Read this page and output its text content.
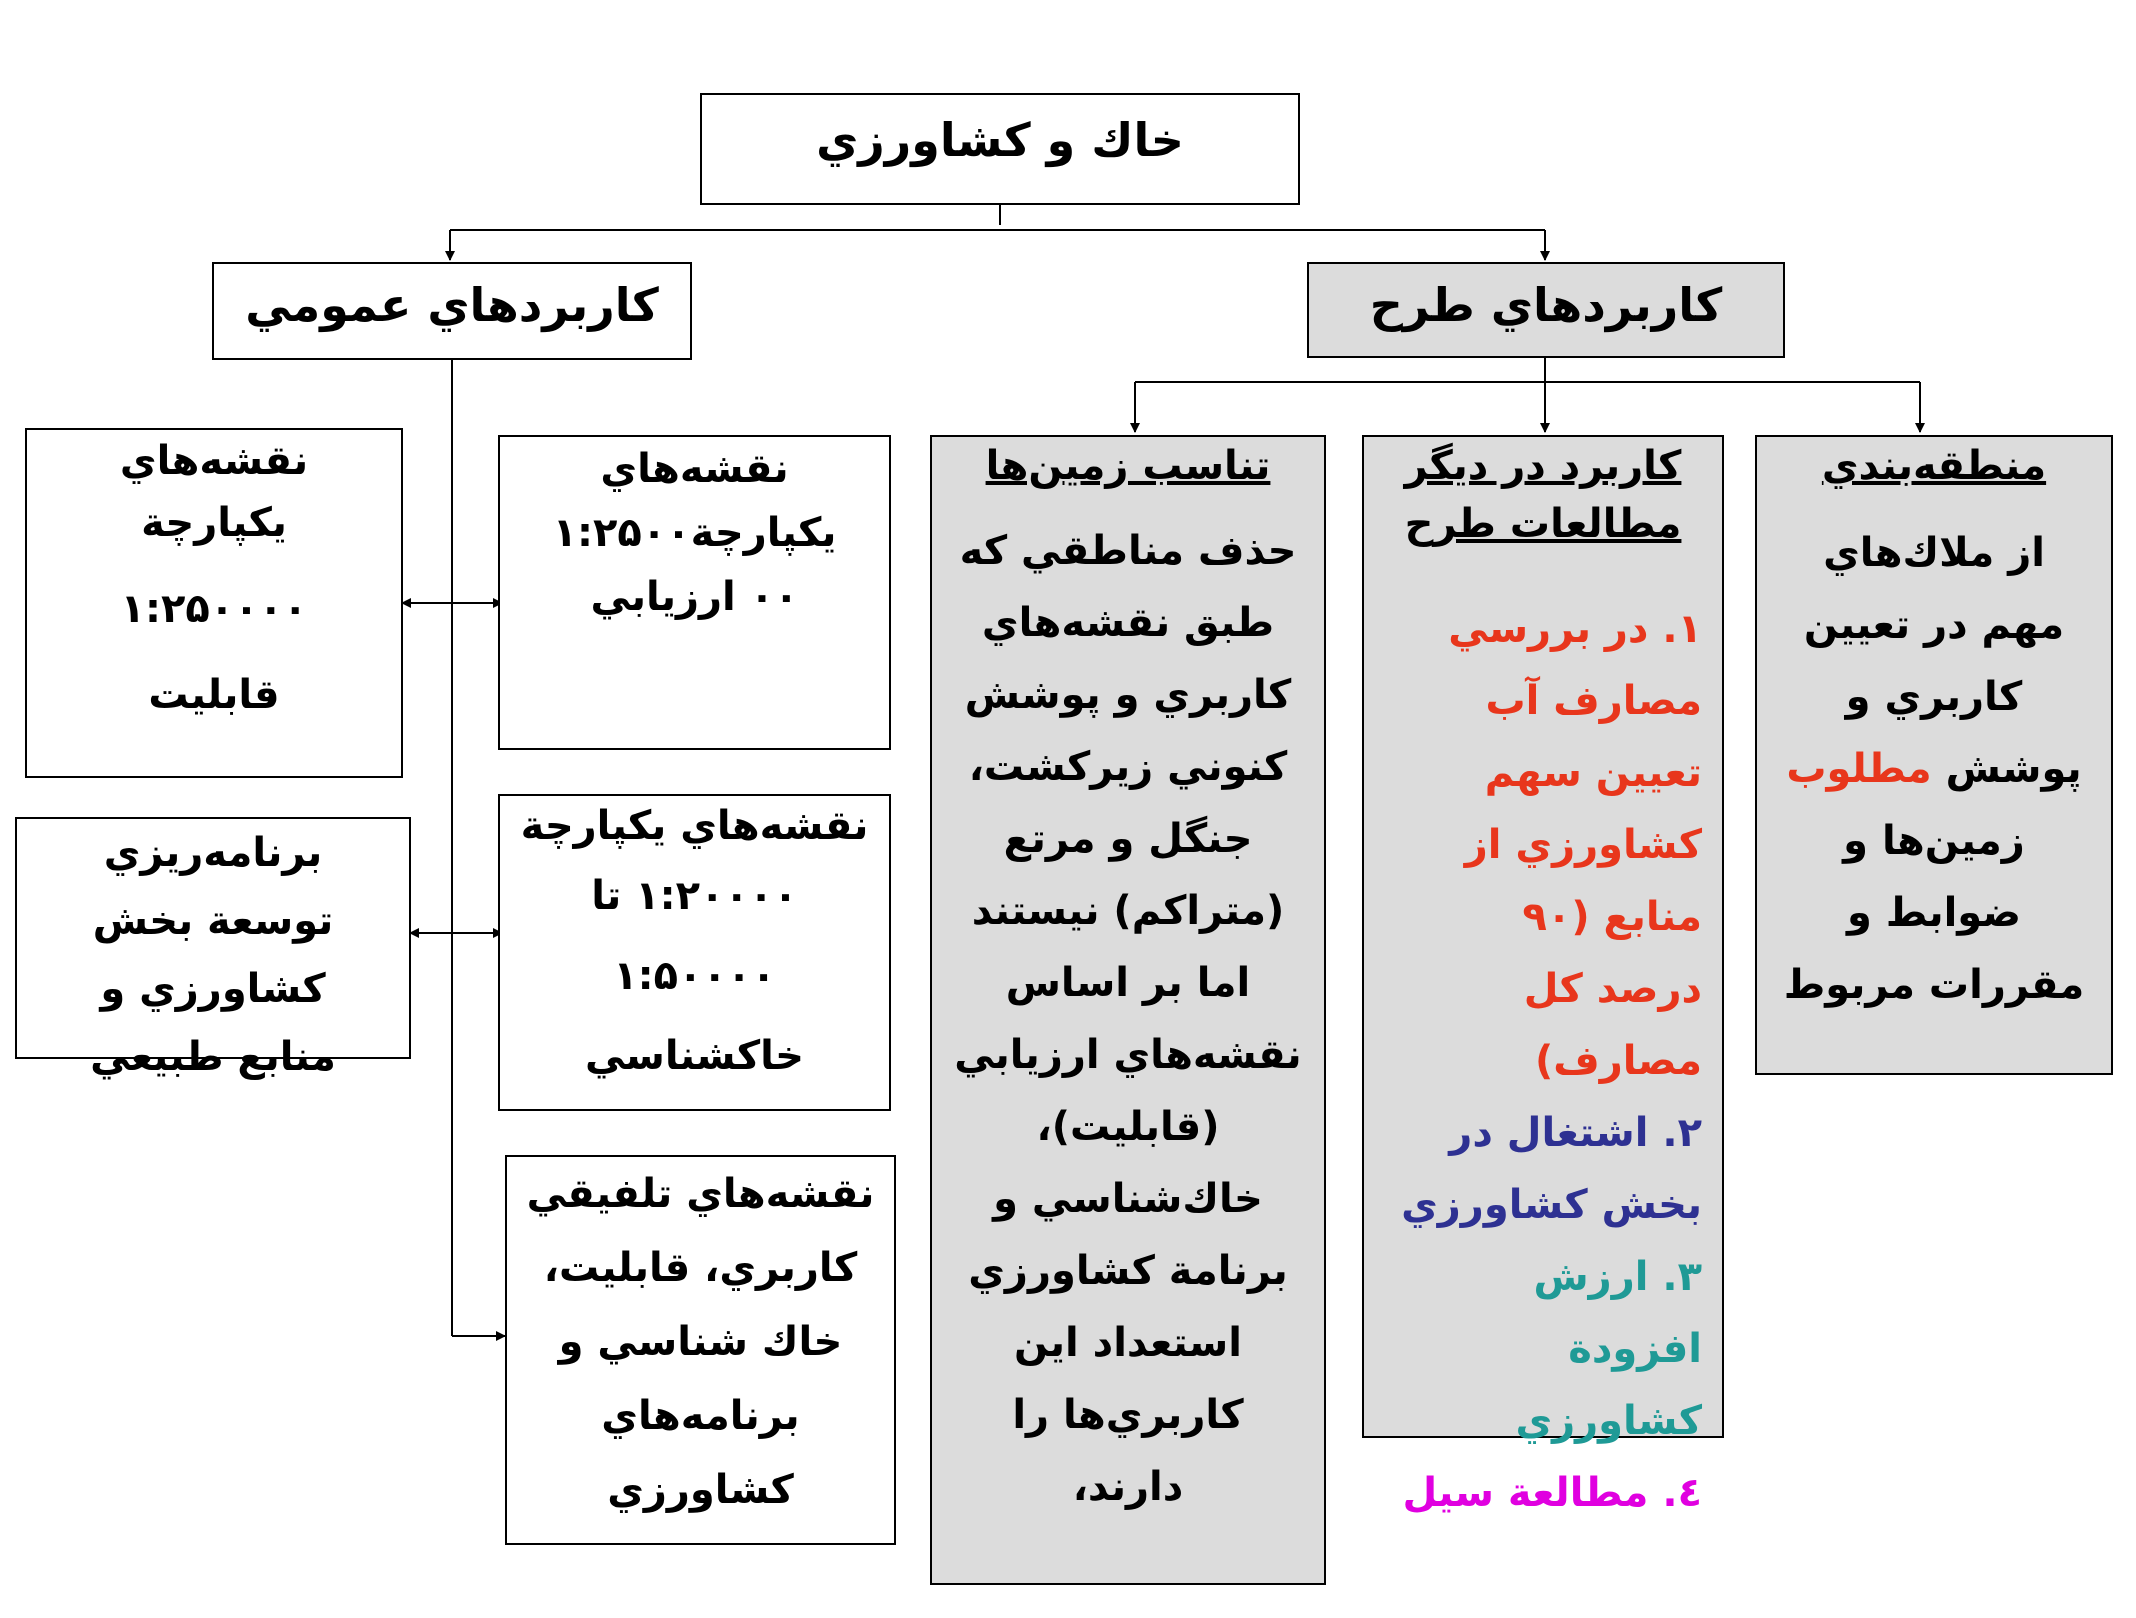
خاك و كشاورزي
كاربردهاي عمومي	كاربردهاي طرح
نقشه‌هاي
يكپارچة
۱:۲۵۰۰۰۰
قابليت
نقشه‌هاي
يكپارچة۱:۲۵۰۰
۰۰ ارزيابي
برنامه‌ريزي
توسعة بخش
كشاورزي و
منابع طبيعي
نقشه‌هاي يكپارچة
۱:۲۰۰۰۰ تا
۱:۵۰۰۰۰
خاكشناسي
نقشه‌هاي تلفيقي
كاربري، قابليت،
خاك شناسي و
برنامه‌هاي
كشاورزي
تناسب زمين‌ها
حذف مناطقي كه
طبق نقشه‌هاي
كاربري و پوشش
كنوني زيركشت،
جنگل و مرتع
(متراكم) نيستند
اما بر اساس
نقشه‌هاي ارزيابي
(قابليت)،
خاك‌شناسي و
برنامة كشاورزي
استعداد اين
كاربري‌ها را
دارند،
كاربرد در ديگر
مطالعات طرح
۱. در بررسي
مصارف آب
تعيين سهم
كشاورزي از
منابع (۹۰
درصد كل
مصارف)
۲. اشتغال در
بخش كشاورزي
۳. ارزش
افزودة
كشاورزي
٤. مطالعة سيل
منطقه‌بندي
از ملاك‌هاي
مهم در تعيين
كاربري و
پوشش مطلوب
زمين‌ها و
ضوابط و
مقررات مربوط
